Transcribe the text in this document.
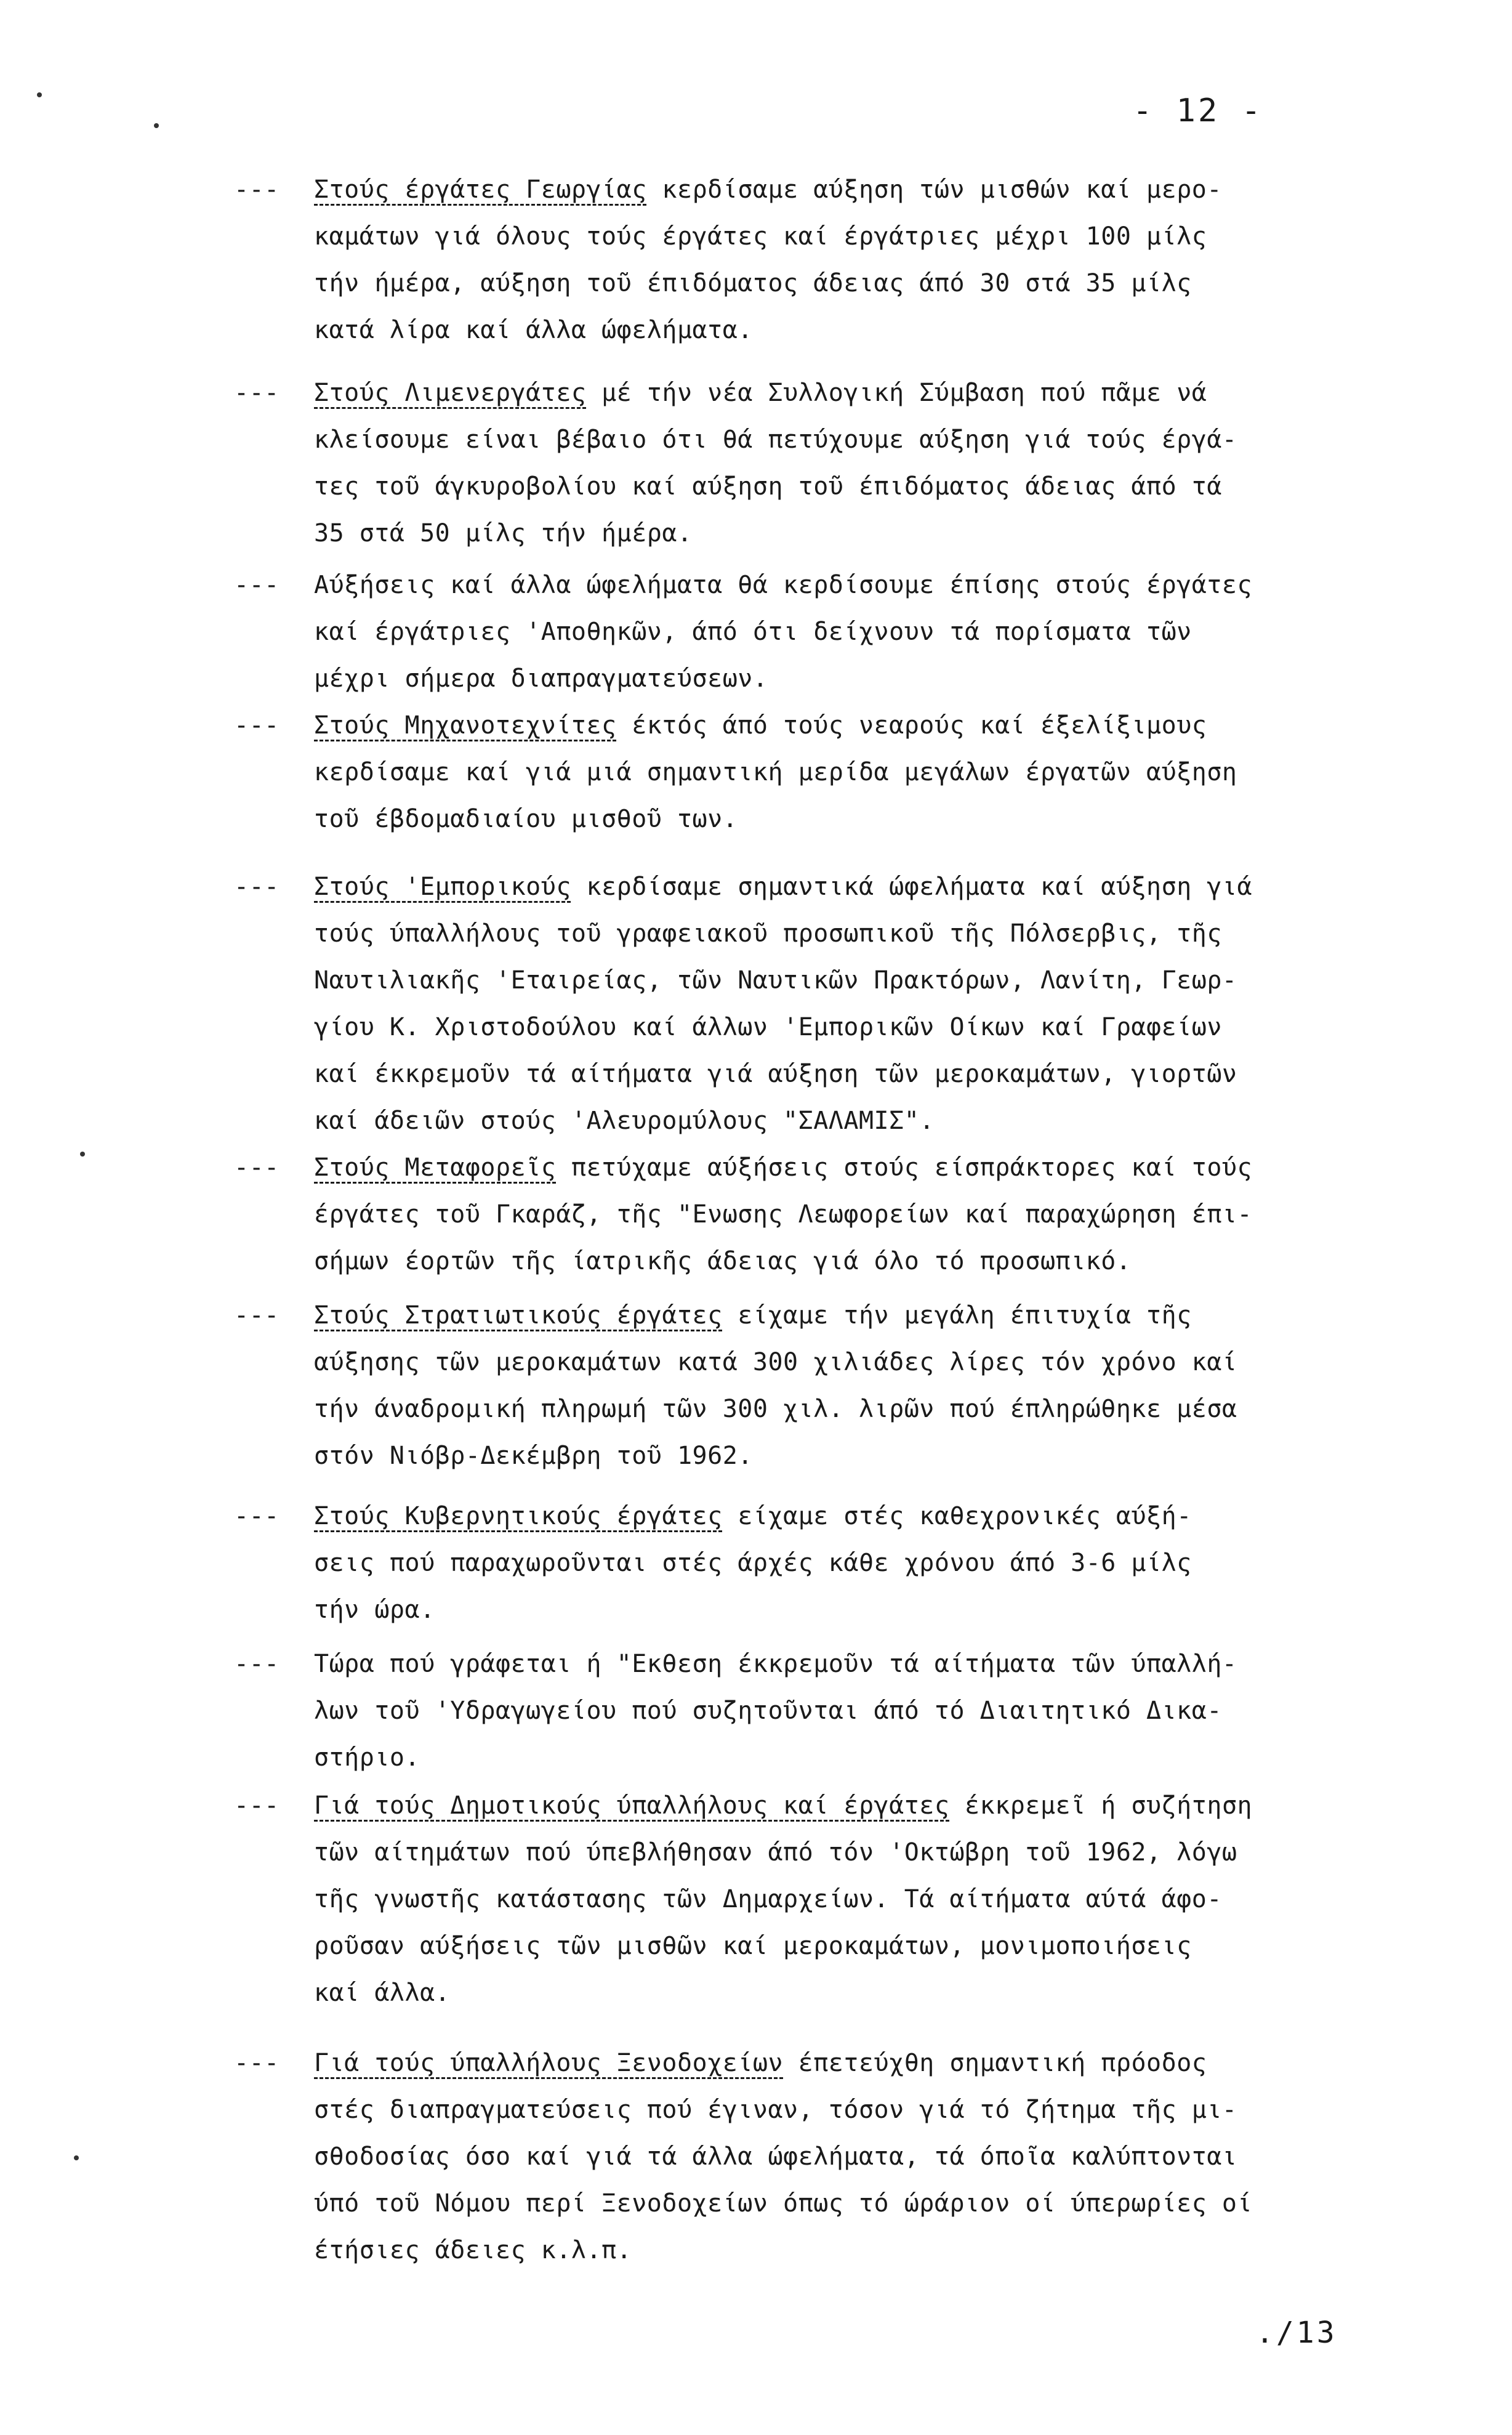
- 12 -
--- Στούς έργάτες Γεωργίας κερδίσαμε αύξηση τών μισθών καί μερο-
καμάτων γιά όλους τούς έργάτες καί έργάτριες μέχρι 100 μίλς
τήν ήμέρα, αύξηση τοῦ έπιδόματος άδειας άπό 30 στά 35 μίλς
κατά λίρα καί άλλα ώφελήματα.
--- Στούς Λιμενεργάτες μέ τήν νέα Συλλογική Σύμβαση πού πᾶμε νά
κλείσουμε είναι βέβαιο ότι θά πετύχουμε αύξηση γιά τούς έργά-
τες τοῦ άγκυροβολίου καί αύξηση τοῦ έπιδόματος άδειας άπό τά
35 στά 50 μίλς τήν ήμέρα.
--- Αύξήσεις καί άλλα ώφελήματα θά κερδίσουμε έπίσης στούς έργάτες
καί έργάτριες 'Αποθηκῶν, άπό ότι δείχνουν τά πορίσματα τῶν
μέχρι σήμερα διαπραγματεύσεων.
--- Στούς Μηχανοτεχνίτες έκτός άπό τούς νεαρούς καί έξελίξιμους
κερδίσαμε καί γιά μιά σημαντική μερίδα μεγάλων έργατῶν αύξηση
τοῦ έβδομαδιαίου μισθοῦ των.
--- Στούς 'Εμπορικούς κερδίσαμε σημαντικά ώφελήματα καί αύξηση γιά
τούς ύπαλλήλους τοῦ γραφειακοῦ προσωπικοῦ τῆς Πόλσερβις, τῆς
Ναυτιλιακῆς 'Εταιρείας, τῶν Ναυτικῶν Πρακτόρων, Λανίτη, Γεωρ-
γίου Κ. Χριστοδούλου καί άλλων 'Εμπορικῶν Οίκων καί Γραφείων
καί έκκρεμοῦν τά αίτήματα γιά αύξηση τῶν μεροκαμάτων, γιορτῶν
καί άδειῶν στούς 'Αλευρομύλους "ΣΑΛΑΜΙΣ".
--- Στούς Μεταφορεῖς πετύχαμε αύξήσεις στούς είσπράκτορες καί τούς
έργάτες τοῦ Γκαράζ, τῆς "Ενωσης Λεωφορείων καί παραχώρηση έπι-
σήμων έορτῶν τῆς ίατρικῆς άδειας γιά όλο τό προσωπικό.
--- Στούς Στρατιωτικούς έργάτες είχαμε τήν μεγάλη έπιτυχία τῆς
αύξησης τῶν μεροκαμάτων κατά 300 χιλιάδες λίρες τόν χρόνο καί
τήν άναδρομική πληρωμή τῶν 300 χιλ. λιρῶν πού έπληρώθηκε μέσα
στόν Νιόβρ-Δεκέμβρη τοῦ 1962.
--- Στούς Κυβερνητικούς έργάτες είχαμε στές καθεχρονικές αύξή-
σεις πού παραχωροῦνται στές άρχές κάθε χρόνου άπό 3-6 μίλς
τήν ώρα.
--- Τώρα πού γράφεται ή "Εκθεση έκκρεμοῦν τά αίτήματα τῶν ύπαλλή-
λων τοῦ 'Υδραγωγείου πού συζητοῦνται άπό τό Διαιτητικό Δικα-
στήριο.
--- Γιά τούς Δημοτικούς ύπαλλήλους καί έργάτες έκκρεμεῖ ή συζήτηση
τῶν αίτημάτων πού ύπεβλήθησαν άπό τόν 'Οκτώβρη τοῦ 1962, λόγω
τῆς γνωστῆς κατάστασης τῶν Δημαρχείων. Τά αίτήματα αύτά άφο-
ροῦσαν αύξήσεις τῶν μισθῶν καί μεροκαμάτων, μονιμοποιήσεις
καί άλλα.
--- Γιά τούς ύπαλλήλους Ξενοδοχείων έπετεύχθη σημαντική πρόοδος
στές διαπραγματεύσεις πού έγιναν, τόσον γιά τό ζήτημα τῆς μι-
σθοδοσίας όσο καί γιά τά άλλα ώφελήματα, τά όποῖα καλύπτονται
ύπό τοῦ Νόμου περί Ξενοδοχείων όπως τό ώράριον οί ύπερωρίες οί
έτήσιες άδειες κ.λ.π.
./13
